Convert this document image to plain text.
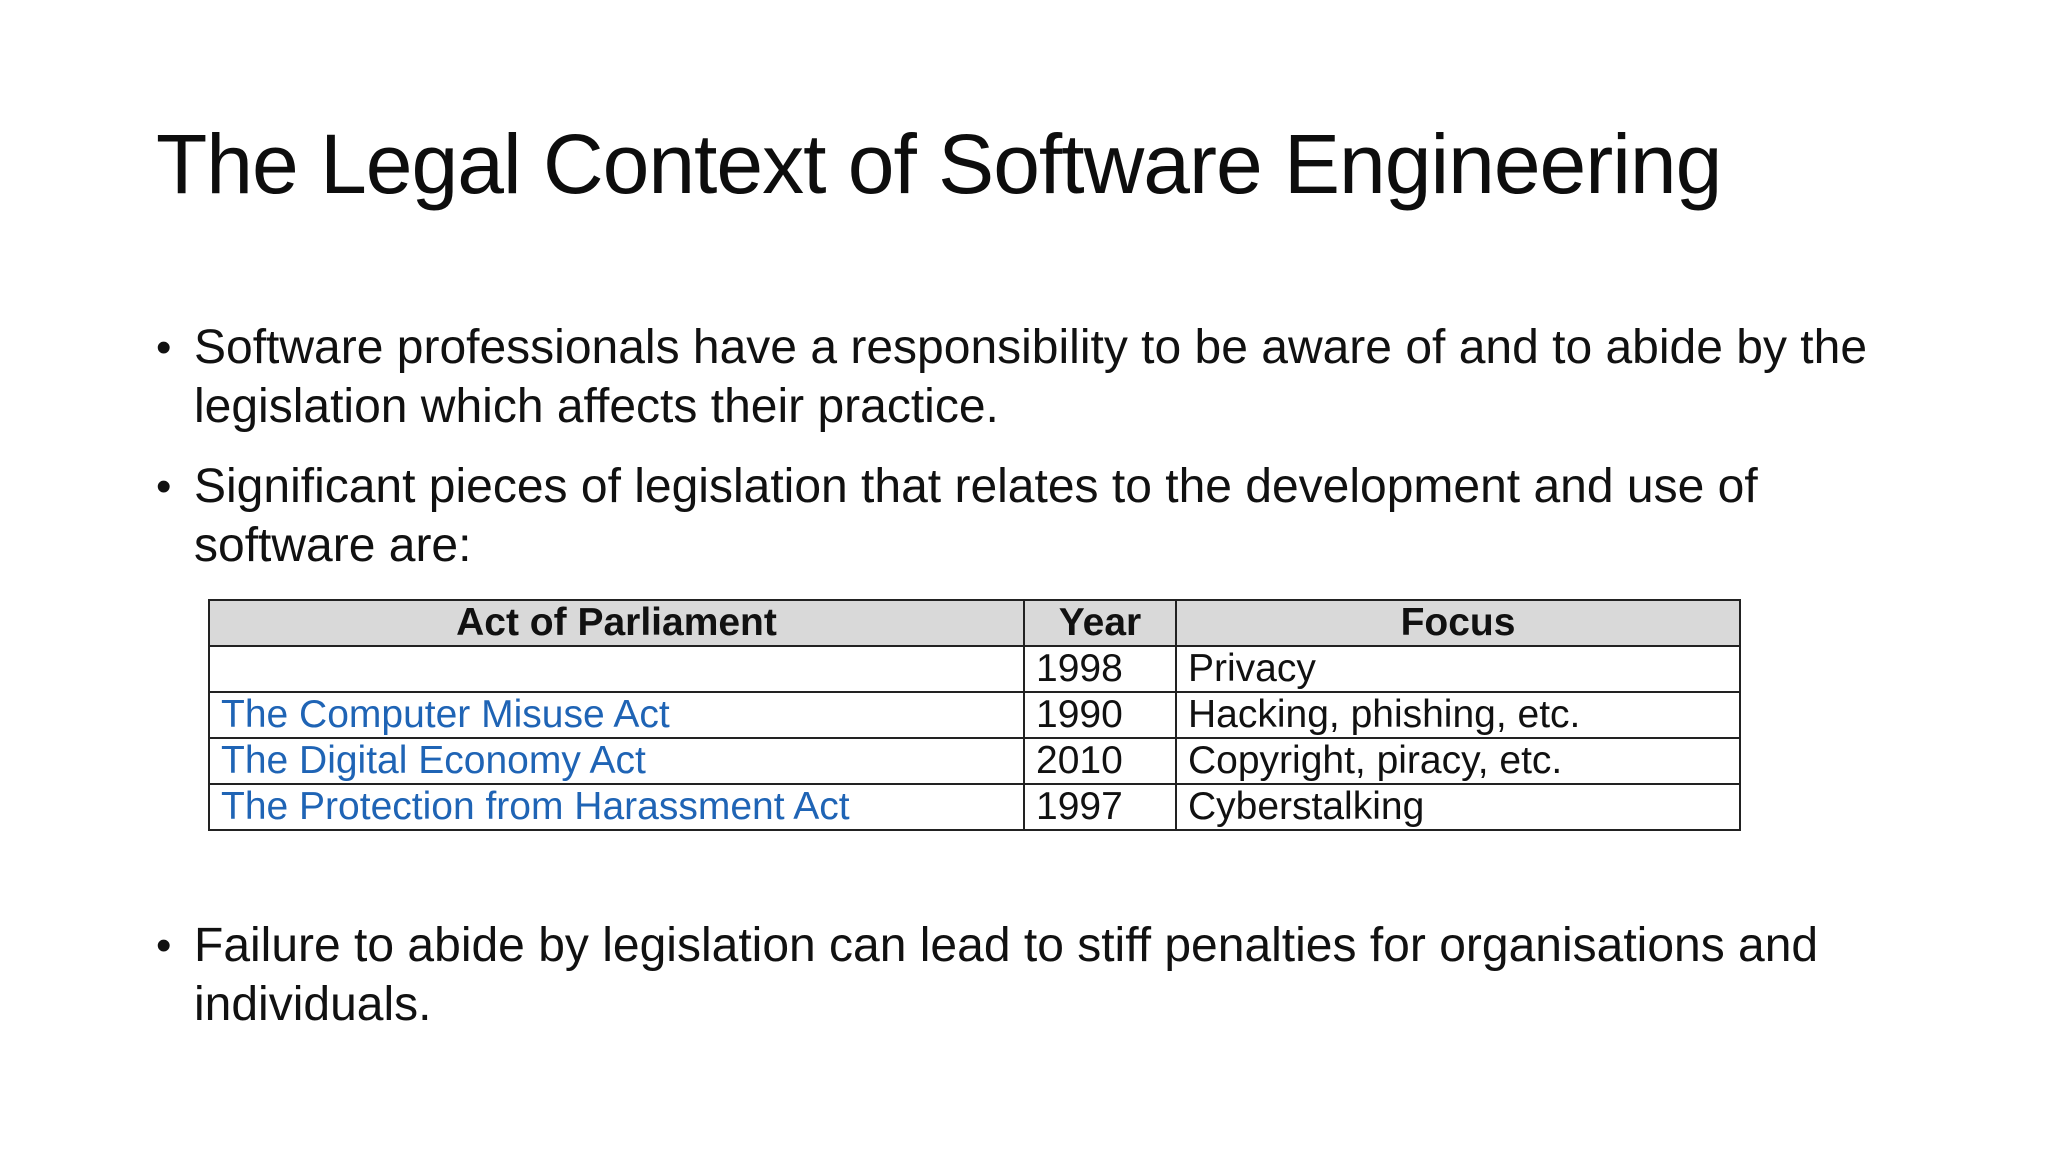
The Legal Context of Software Engineering
• Software professionals have a responsibility to be aware of and to abide by the legislation which affects their practice.
• Significant pieces of legislation that relates to the development and use of software are:
Act of Parliament	Year	Focus
	1998	Privacy
The Computer Misuse Act	1990	Hacking, phishing, etc.
The Digital Economy Act	2010	Copyright, piracy, etc.
The Protection from Harassment Act	1997	Cyberstalking
• Failure to abide by legislation can lead to stiff penalties for organisations and individuals.
